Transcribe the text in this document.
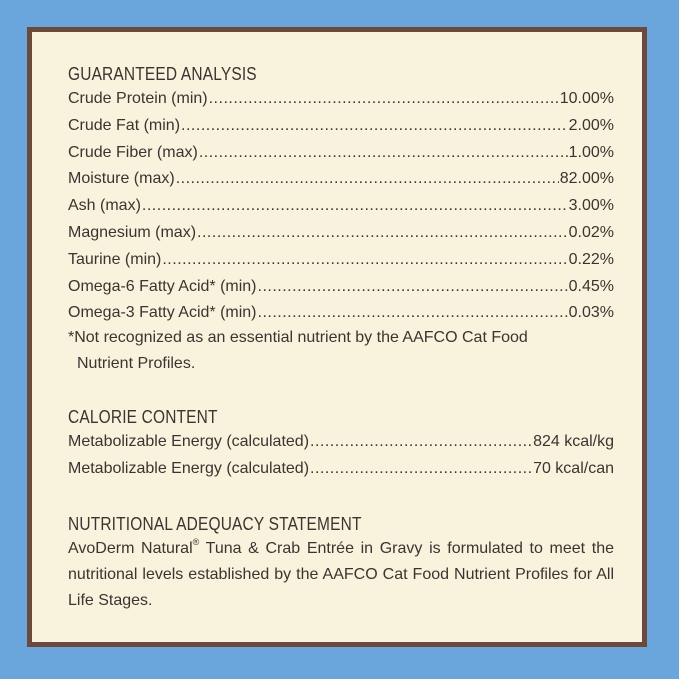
GUARANTEED ANALYSIS
Crude Protein (min) .....	10.00%
Crude Fat (min) .....	2.00%
Crude Fiber (max) .....	1.00%
Moisture (max) .....	82.00%
Ash (max) .....	3.00%
Magnesium (max) .....	0.02%
Taurine (min) .....	0.22%
Omega-6 Fatty Acid* (min) .....	0.45%
Omega-3 Fatty Acid* (min) .....	0.03%
*Not recognized as an essential nutrient by the AAFCO Cat Food
Nutrient Profiles.
CALORIE CONTENT
Metabolizable Energy (calculated) .....	824 kcal/kg
Metabolizable Energy (calculated) .....	70 kcal/can
NUTRITIONAL ADEQUACY STATEMENT
AvoDerm Natural® Tuna & Crab Entrée in Gravy is formulated to meet the nutritional levels established by the AAFCO Cat Food Nutrient Profiles for All Life Stages.
